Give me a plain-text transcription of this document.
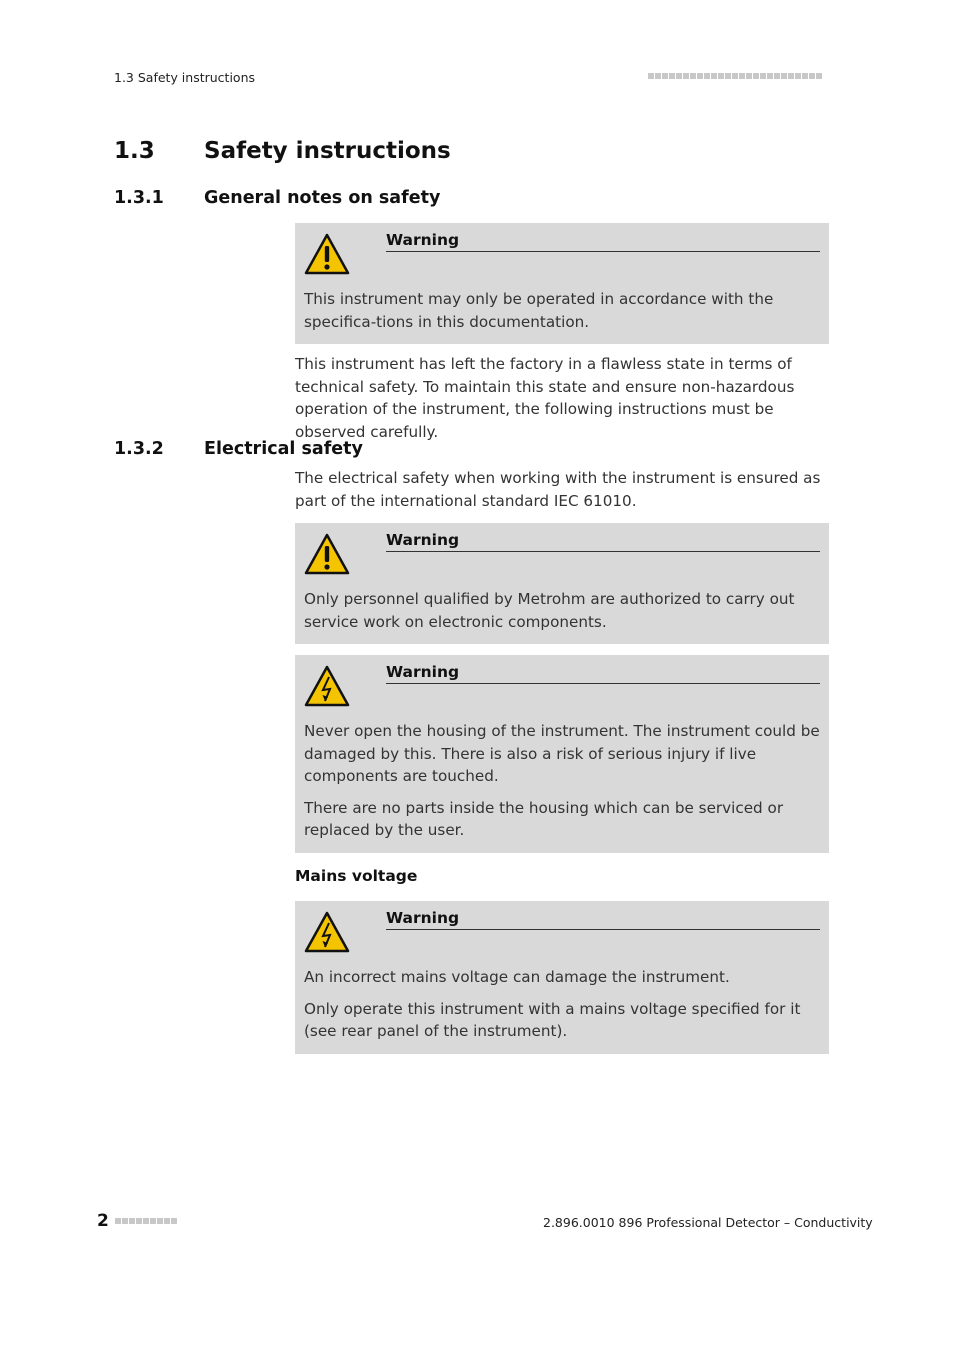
1.3 Safety instructions
1.3 Safety instructions
1.3.1 General notes on safety
Warning

This instrument may only be operated in accordance with the specifica-tions in this documentation.

This instrument has left the factory in a flawless state in terms of technical safety. To maintain this state and ensure non-hazardous operation of the instrument, the following instructions must be observed carefully.
1.3.2 Electrical safety
The electrical safety when working with the instrument is ensured as part of the international standard IEC 61010.
Warning

Only personnel qualified by Metrohm are authorized to carry out service work on electronic components.

Warning

Never open the housing of the instrument. The instrument could be damaged by this. There is also a risk of serious injury if live components are touched.

There are no parts inside the housing which can be serviced or replaced by the user.

Mains voltage
Warning

An incorrect mains voltage can damage the instrument.

Only operate this instrument with a mains voltage specified for it (see rear panel of the instrument).

2	2.896.0010 896 Professional Detector – Conductivity
